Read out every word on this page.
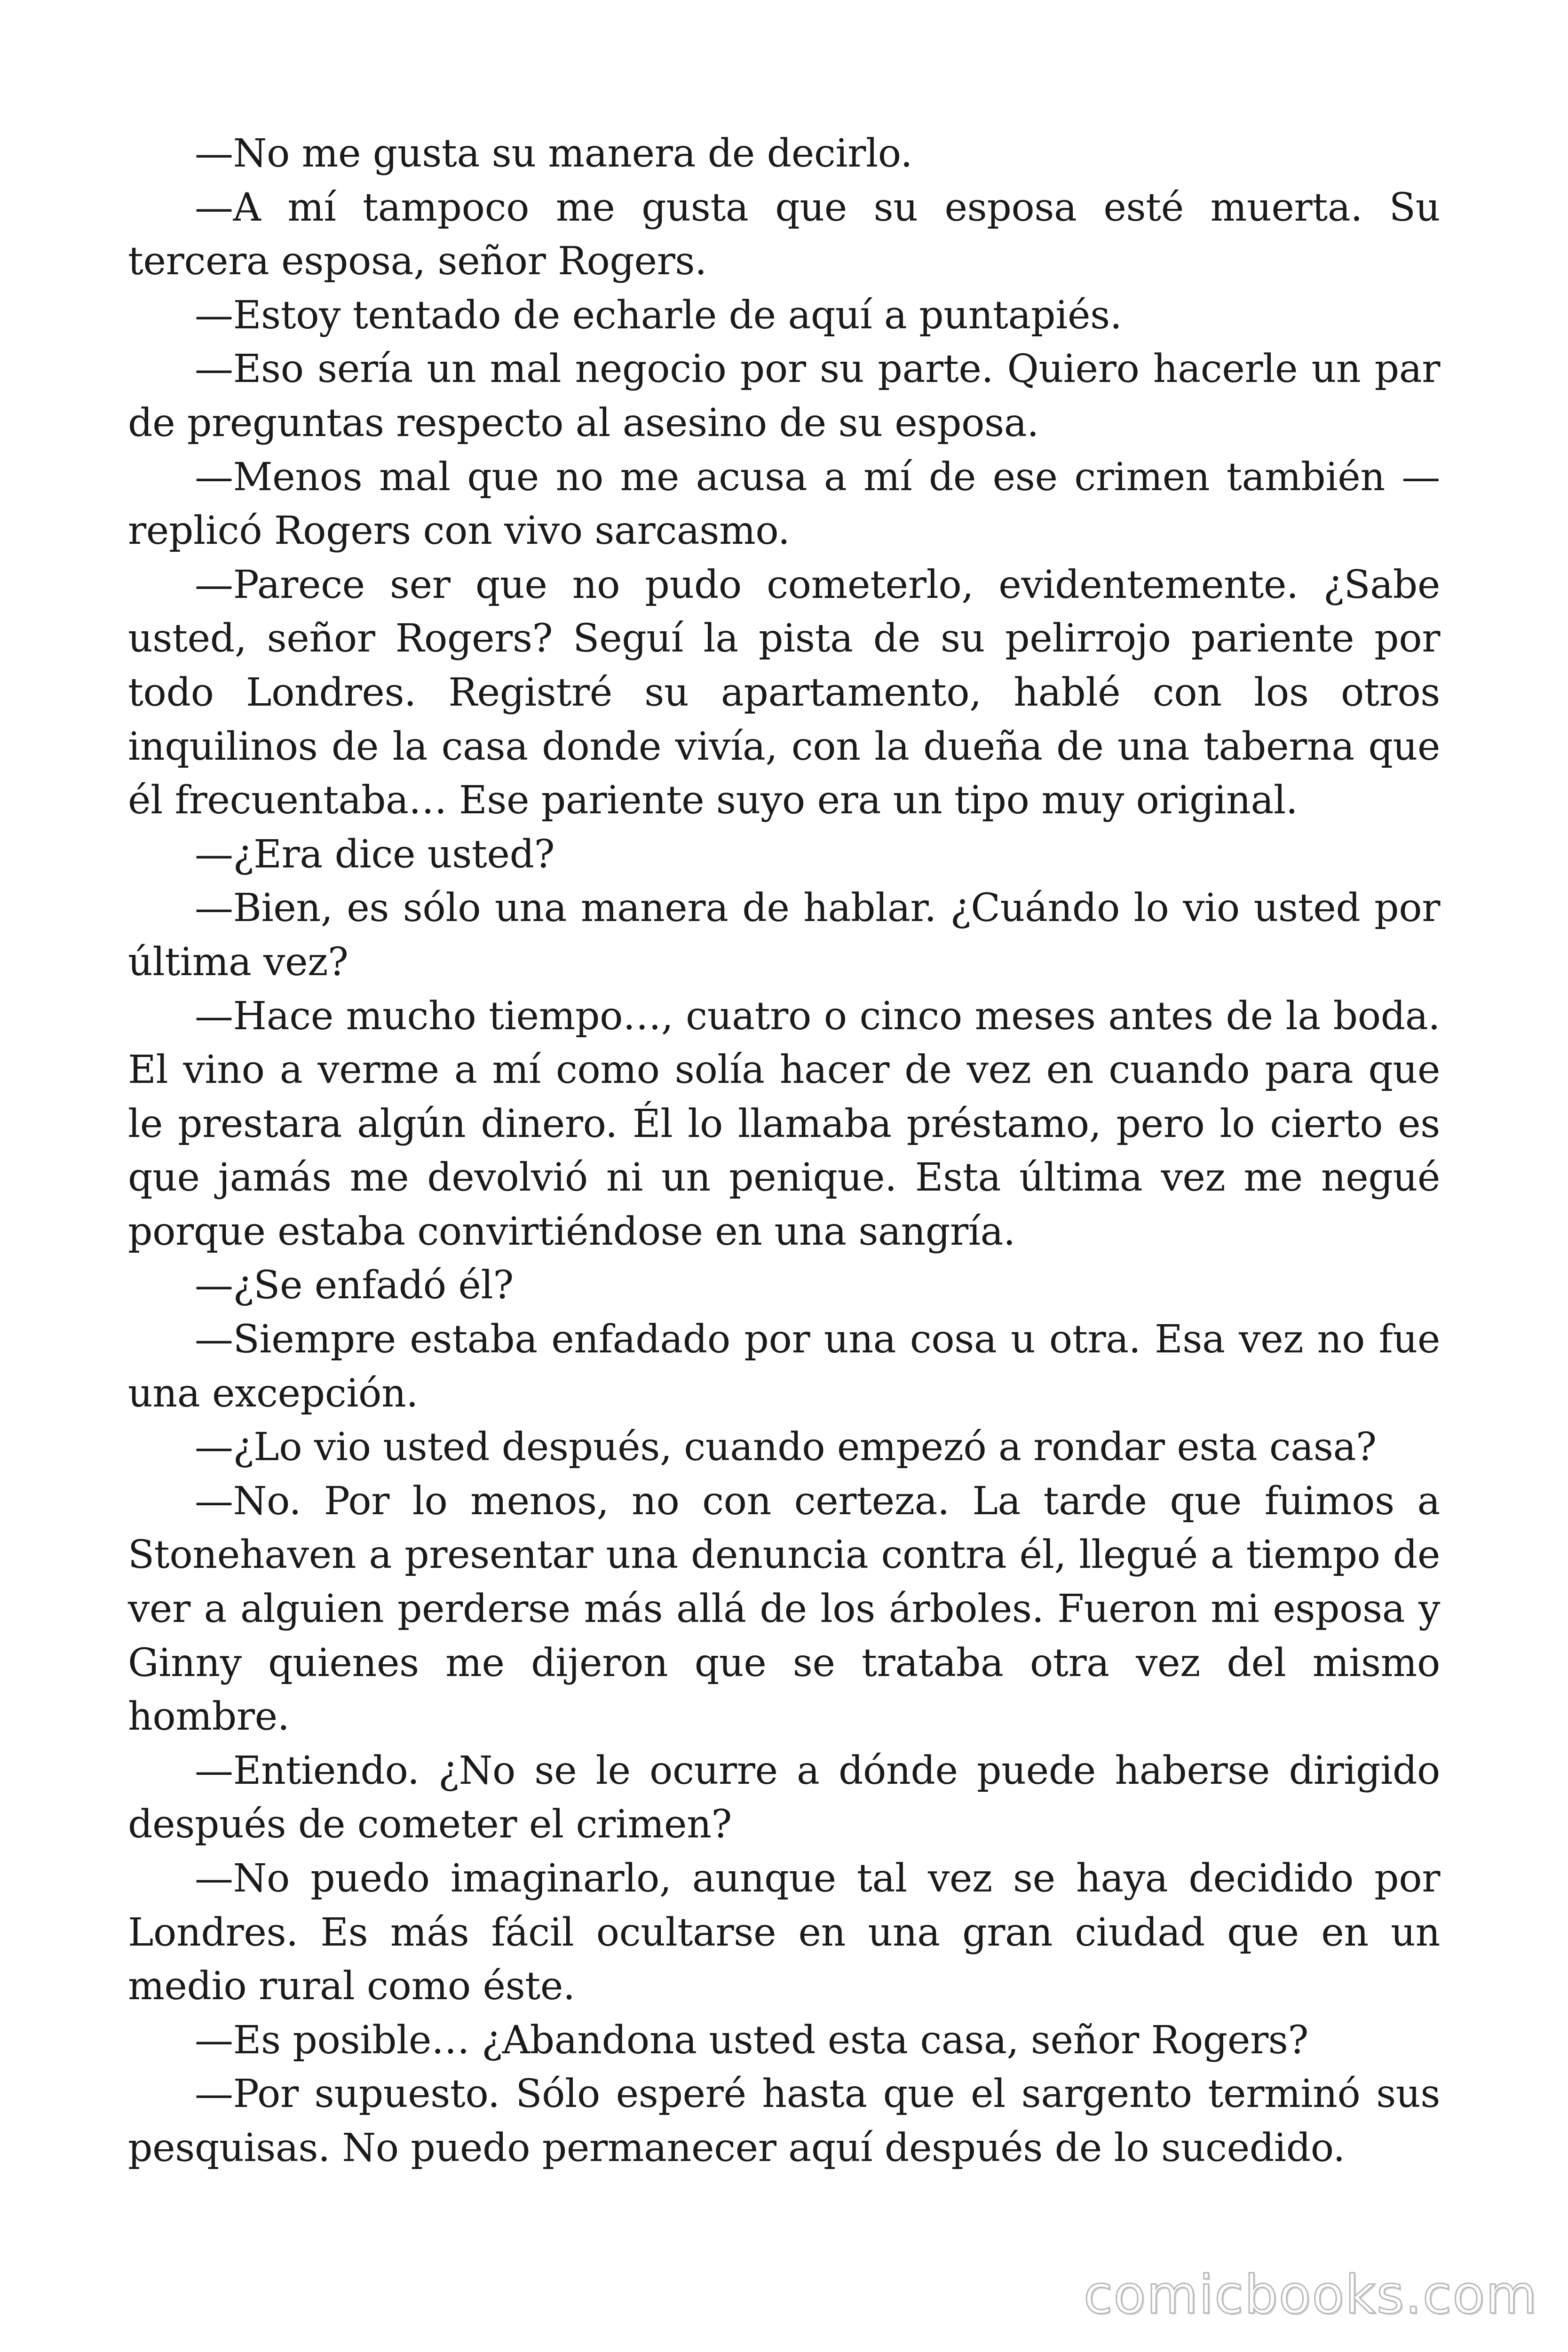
—No me gusta su manera de decirlo.

—A mí tampoco me gusta que su esposa esté muerta. Su tercera esposa, señor Rogers.

—Estoy tentado de echarle de aquí a puntapiés.

—Eso sería un mal negocio por su parte. Quiero hacerle un par de preguntas respecto al asesino de su esposa.

—Menos mal que no me acusa a mí de ese crimen también —replicó Rogers con vivo sarcasmo.

—Parece ser que no pudo cometerlo, evidentemente. ¿Sabe usted, señor Rogers? Seguí la pista de su pelirrojo pariente por todo Londres. Registré su apartamento, hablé con los otros inquilinos de la casa donde vivía, con la dueña de una taberna que él frecuentaba… Ese pariente suyo era un tipo muy original.

—¿Era dice usted?

—Bien, es sólo una manera de hablar. ¿Cuándo lo vio usted por última vez?

—Hace mucho tiempo…, cuatro o cinco meses antes de la boda. El vino a verme a mí como solía hacer de vez en cuando para que le prestara algún dinero. Él lo llamaba préstamo, pero lo cierto es que jamás me devolvió ni un penique. Esta última vez me negué porque estaba convirtiéndose en una sangría.

—¿Se enfadó él?

—Siempre estaba enfadado por una cosa u otra. Esa vez no fue una excepción.

—¿Lo vio usted después, cuando empezó a rondar esta casa?

—No. Por lo menos, no con certeza. La tarde que fuimos a Stonehaven a presentar una denuncia contra él, llegué a tiempo de ver a alguien perderse más allá de los árboles. Fueron mi esposa y Ginny quienes me dijeron que se trataba otra vez del mismo hombre.

—Entiendo. ¿No se le ocurre a dónde puede haberse dirigido después de cometer el crimen?

—No puedo imaginarlo, aunque tal vez se haya decidido por Londres. Es más fácil ocultarse en una gran ciudad que en un medio rural como éste.

—Es posible… ¿Abandona usted esta casa, señor Rogers?

—Por supuesto. Sólo esperé hasta que el sargento terminó sus pesquisas. No puedo permanecer aquí después de lo sucedido.

comicbooks.com
